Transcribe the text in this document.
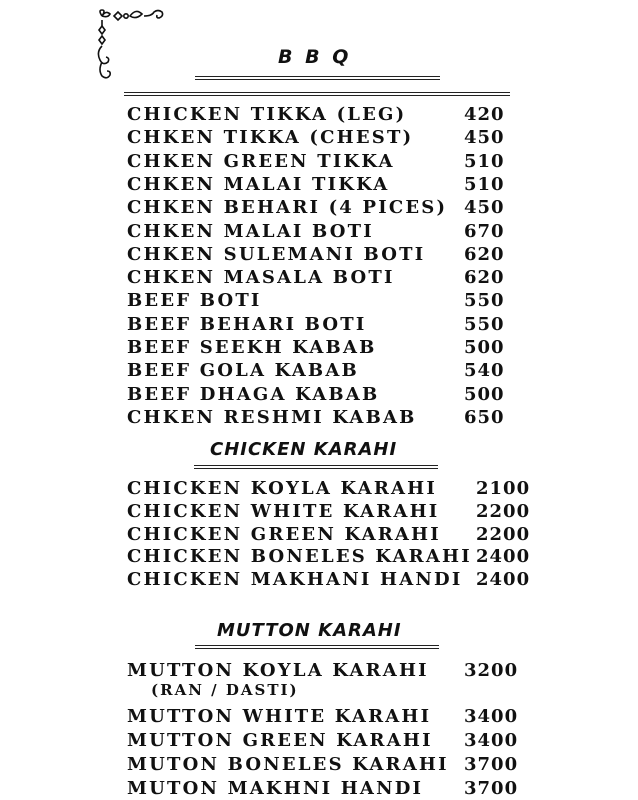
B B Q
CHICKEN TIKKA (LEG)	420
CHKEN TIKKA (CHEST)	450
CHKEN GREEN TIKKA	510
CHKEN MALAI TIKKA	510
CHKEN BEHARI (4 PICES) 450
CHKEN MALAI BOTI	670
CHKEN SULEMANI BOTI 620
CHKEN MASALA BOTI	620
BEEF BOTI	550
BEEF BEHARI BOTI	550
BEEF SEEKH KABAB	500
BEEF GOLA KABAB	540
BEEF DHAGA KABAB	500
CHKEN RESHMI KABAB	650
CHICKEN KARAHI
CHICKEN KOYLA KARAHI 2100
CHICKEN WHITE KARAHI 2200
CHICKEN GREEN KARAHI 2200
CHICKEN BONELES KARAHI 2400
CHICKEN MAKHANI HANDI 2400
MUTTON KARAHI
MUTTON KOYLA KARAHI 3200
(RAN / DASTI)
MUTTON WHITE KARAHI 3400
MUTTON GREEN KARAHI 3400
MUTON BONELES KARAHI 3700
MUTON MAKHNI HANDI 3700
